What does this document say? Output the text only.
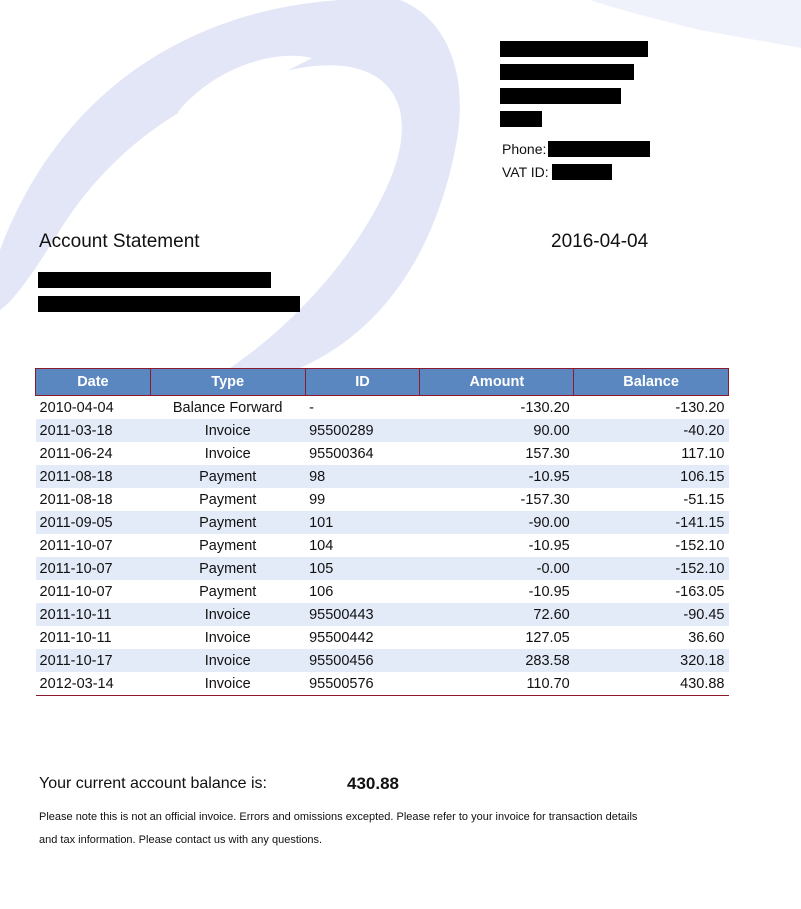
Phone:
VAT ID:
Account Statement	2016-04-04
Date	Type	ID	Amount	Balance
2010-04-04	Balance Forward	-	-130.20	-130.20
2011-03-18	Invoice	95500289	90.00	-40.20
2011-06-24	Invoice	95500364	157.30	117.10
2011-08-18	Payment	98	-10.95	106.15
2011-08-18	Payment	99	-157.30	-51.15
2011-09-05	Payment	101	-90.00	-141.15
2011-10-07	Payment	104	-10.95	-152.10
2011-10-07	Payment	105	-0.00	-152.10
2011-10-07	Payment	106	-10.95	-163.05
2011-10-11	Invoice	95500443	72.60	-90.45
2011-10-11	Invoice	95500442	127.05	36.60
2011-10-17	Invoice	95500456	283.58	320.18
2012-03-14	Invoice	95500576	110.70	430.88
Your current account balance is:	430.88
Please note this is not an official invoice. Errors and omissions excepted. Please refer to your invoice for transaction details and tax information. Please contact us with any questions.
